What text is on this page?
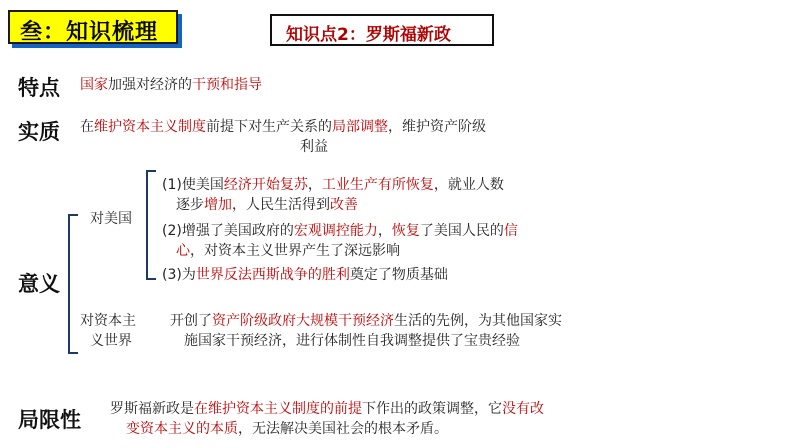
叁：知识梳理	知识点2：罗斯福新政
特点 国家加强对经济的干预和指导
实质 在维护资本主义制度前提下对生产关系的局部调整，维护资产阶级
利益
意义
对美国
(1)使美国经济开始复苏，工业生产有所恢复，就业人数
逐步增加，人民生活得到改善
(2)增强了美国政府的宏观调控能力，恢复了美国人民的信
心，对资本主义世界产生了深远影响
(3)为世界反法西斯战争的胜利奠定了物质基础
对资本主
义世界
开创了资产阶级政府大规模干预经济生活的先例，为其他国家实
施国家干预经济，进行体制性自我调整提供了宝贵经验
局限性 罗斯福新政是在维护资本主义制度的前提下作出的政策调整，它没有改
变资本主义的本质，无法解决美国社会的根本矛盾。
